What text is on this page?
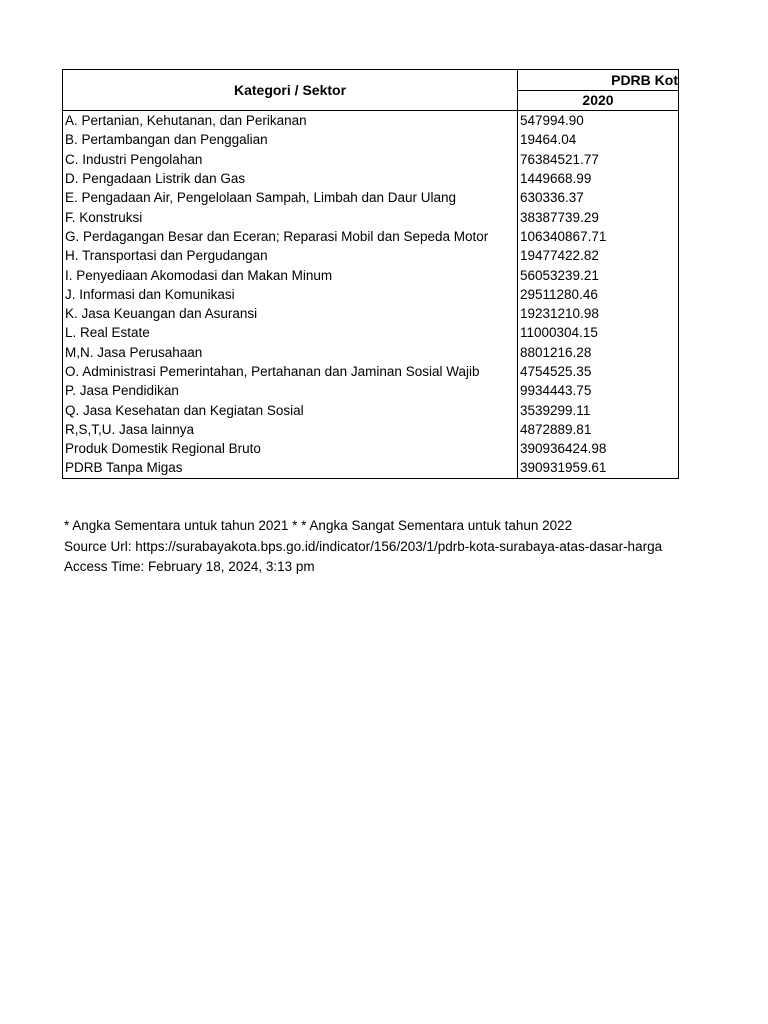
Kategori / Sektor	PDRB Kot
	2020
A. Pertanian, Kehutanan, dan Perikanan	547994.90
B. Pertambangan dan Penggalian	19464.04
C. Industri Pengolahan	76384521.77
D. Pengadaan Listrik dan Gas	1449668.99
E. Pengadaan Air, Pengelolaan Sampah, Limbah dan Daur Ulang	630336.37
F. Konstruksi	38387739.29
G. Perdagangan Besar dan Eceran; Reparasi Mobil dan Sepeda Motor	106340867.71
H. Transportasi dan Pergudangan	19477422.82
I. Penyediaan Akomodasi dan Makan Minum	56053239.21
J. Informasi dan Komunikasi	29511280.46
K. Jasa Keuangan dan Asuransi	19231210.98
L. Real Estate	11000304.15
M,N. Jasa Perusahaan	8801216.28
O. Administrasi Pemerintahan, Pertahanan dan Jaminan Sosial Wajib	4754525.35
P. Jasa Pendidikan	9934443.75
Q. Jasa Kesehatan dan Kegiatan Sosial	3539299.11
R,S,T,U. Jasa lainnya	4872889.81
Produk Domestik Regional Bruto	390936424.98
PDRB Tanpa Migas	390931959.61
* Angka Sementara untuk tahun 2021 * * Angka Sangat Sementara untuk tahun 2022
Source Url: https://surabayakota.bps.go.id/indicator/156/203/1/pdrb-kota-surabaya-atas-dasar-harga
Access Time: February 18, 2024, 3:13 pm
